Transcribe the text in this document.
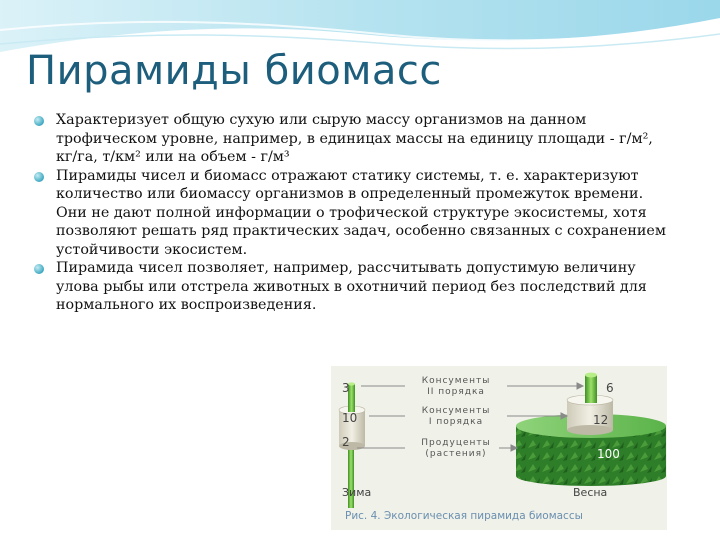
Пирамиды биомасс

Характеризует общую сухую или сырую массу организмов на данном трофическом уровне, например, в единицах массы на единицу площади - г/м², кг/га, т/км² или на объем - г/м³

Пирамиды чисел и биомасс отражают статику системы, т. е. характеризуют количество или биомассу организмов в определенный промежуток времени. Они не дают полной информации о трофической структуре экосистемы, хотя позволяют решать ряд практических задач, особенно связанных с сохранением устойчивости экосистем.

Пирамида чисел позволяет, например, рассчитывать допустимую величину улова рыбы или отстрела животных в охотничий период без последствий для нормального их воспроизведения.

Консументы
II порядка
Консументы
I порядка
Продуценты
(растения)
3
10
2
6
12
100
Зима	Весна
Рис. 4. Экологическая пирамида биомассы
